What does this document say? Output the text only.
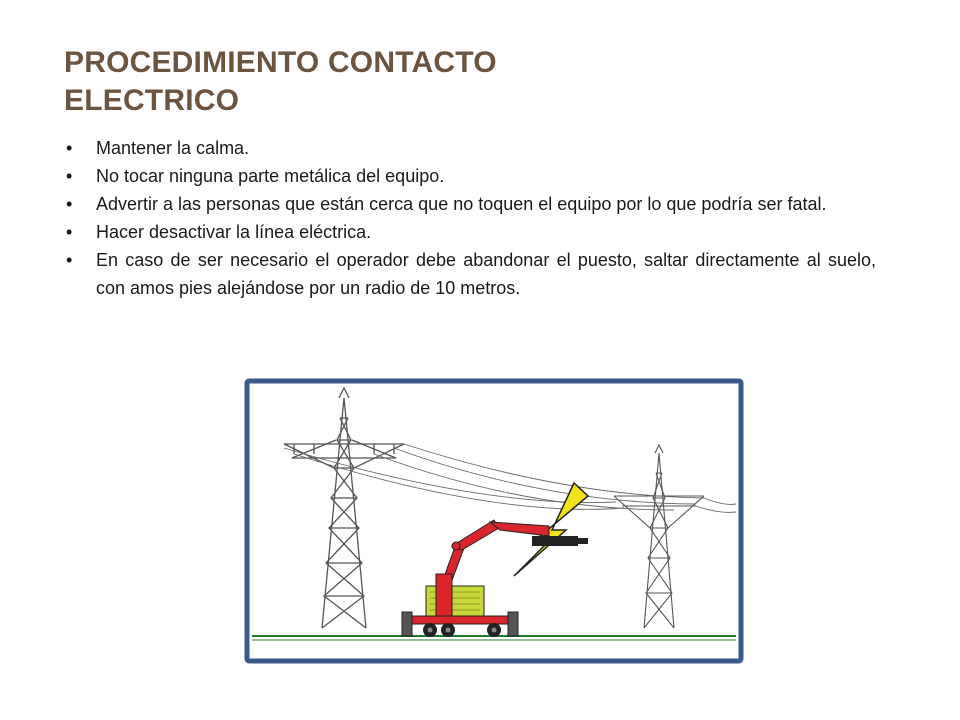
PROCEDIMIENTO CONTACTO ELECTRICO
• Mantener la calma.
• No tocar ninguna parte metálica del equipo.
• Advertir a las personas que están cerca que no toquen el equipo por lo que podría ser fatal.
• Hacer desactivar la línea eléctrica.
• En caso de ser necesario el operador debe abandonar el puesto, saltar directamente al suelo, con amos pies alejándose por un radio de 10 metros.
